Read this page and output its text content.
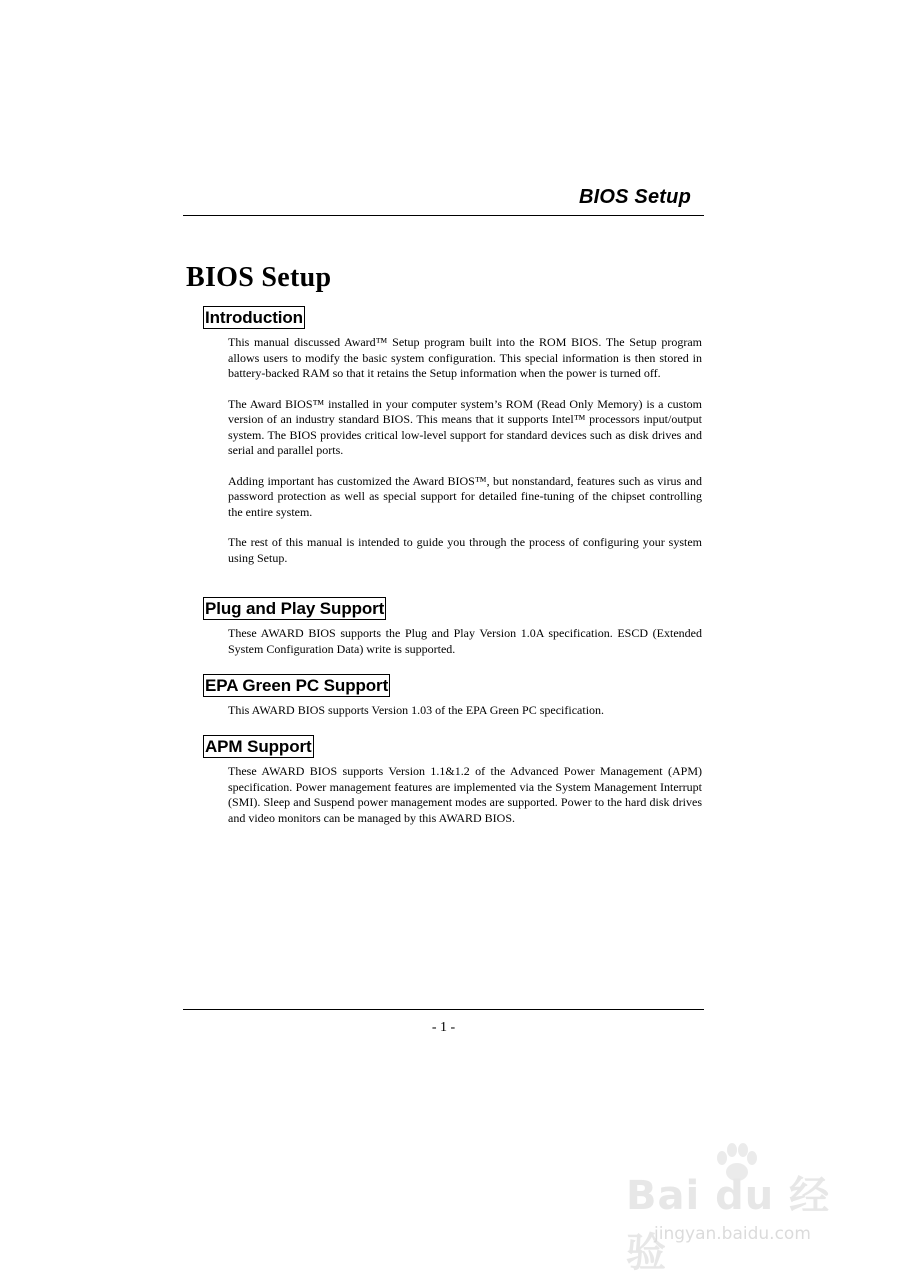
BIOS Setup
BIOS Setup
Introduction

This manual discussed Award™ Setup program built into the ROM BIOS. The Setup program allows users to modify the basic system configuration. This special information is then stored in battery-backed RAM so that it retains the Setup information when the power is turned off.

The Award BIOS™ installed in your computer system’s ROM (Read Only Memory) is a custom version of an industry standard BIOS. This means that it supports Intel™ processors input/output system. The BIOS provides critical low-level support for standard devices such as disk drives and serial and parallel ports.

Adding important has customized the Award BIOS™, but nonstandard, features such as virus and password protection as well as special support for detailed fine-tuning of the chipset controlling the entire system.

The rest of this manual is intended to guide you through the process of configuring your system using Setup.

Plug and Play Support

These AWARD BIOS supports the Plug and Play Version 1.0A specification. ESCD (Extended System Configuration Data) write is supported.

EPA Green PC Support

This AWARD BIOS supports Version 1.03 of the EPA Green PC specification.

APM Support

These AWARD BIOS supports Version 1.1&1.2 of the Advanced Power Management (APM) specification. Power management features are implemented via the System Management Interrupt (SMI). Sleep and Suspend power management modes are supported. Power to the hard disk drives and video monitors can be managed by this AWARD BIOS.

- 1 -
Bai du 经验
jingyan.baidu.com
